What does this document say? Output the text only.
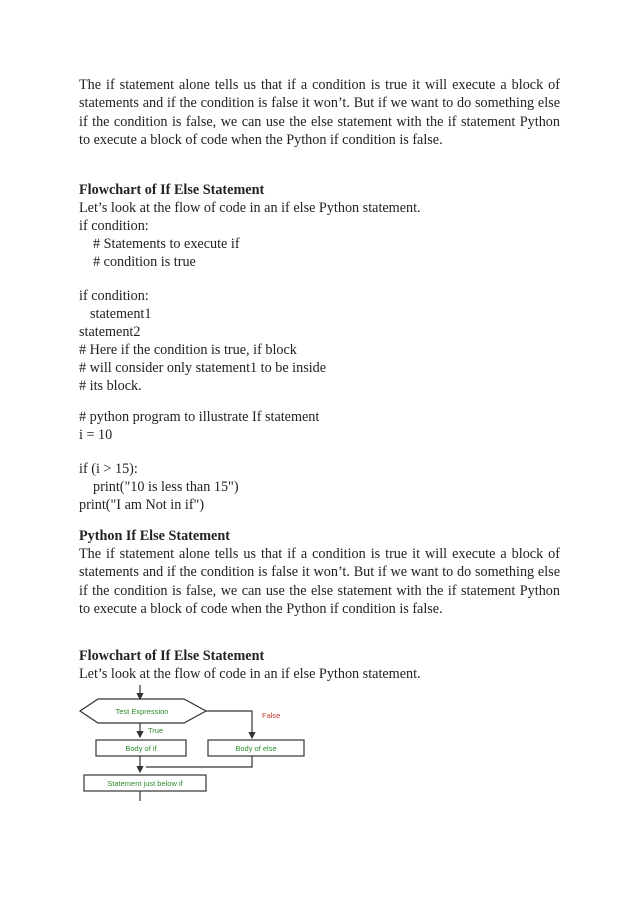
The if statement alone tells us that if a condition is true it will execute a block of statements and if the condition is false it won’t. But if we want to do something else if the condition is false, we can use the else statement with the if statement Python to execute a block of code when the Python if condition is false.

Flowchart of If Else Statement

Let’s look at the flow of code in an if else Python statement.

if condition:

# Statements to execute if

# condition is true

if condition:

statement1

statement2

# Here if the condition is true, if block

# will consider only statement1 to be inside

# its block.

# python program to illustrate If statement

i = 10

if (i > 15):

print("10 is less than 15")

print("I am Not in if")

Python If Else Statement

The if statement alone tells us that if a condition is true it will execute a block of statements and if the condition is false it won’t. But if we want to do something else if the condition is false, we can use the else statement with the if statement Python to execute a block of code when the Python if condition is false.

Flowchart of If Else Statement

Let’s look at the flow of code in an if else Python statement.

Test Expression	False
True
Body of if	Body of else
Statement just below if
